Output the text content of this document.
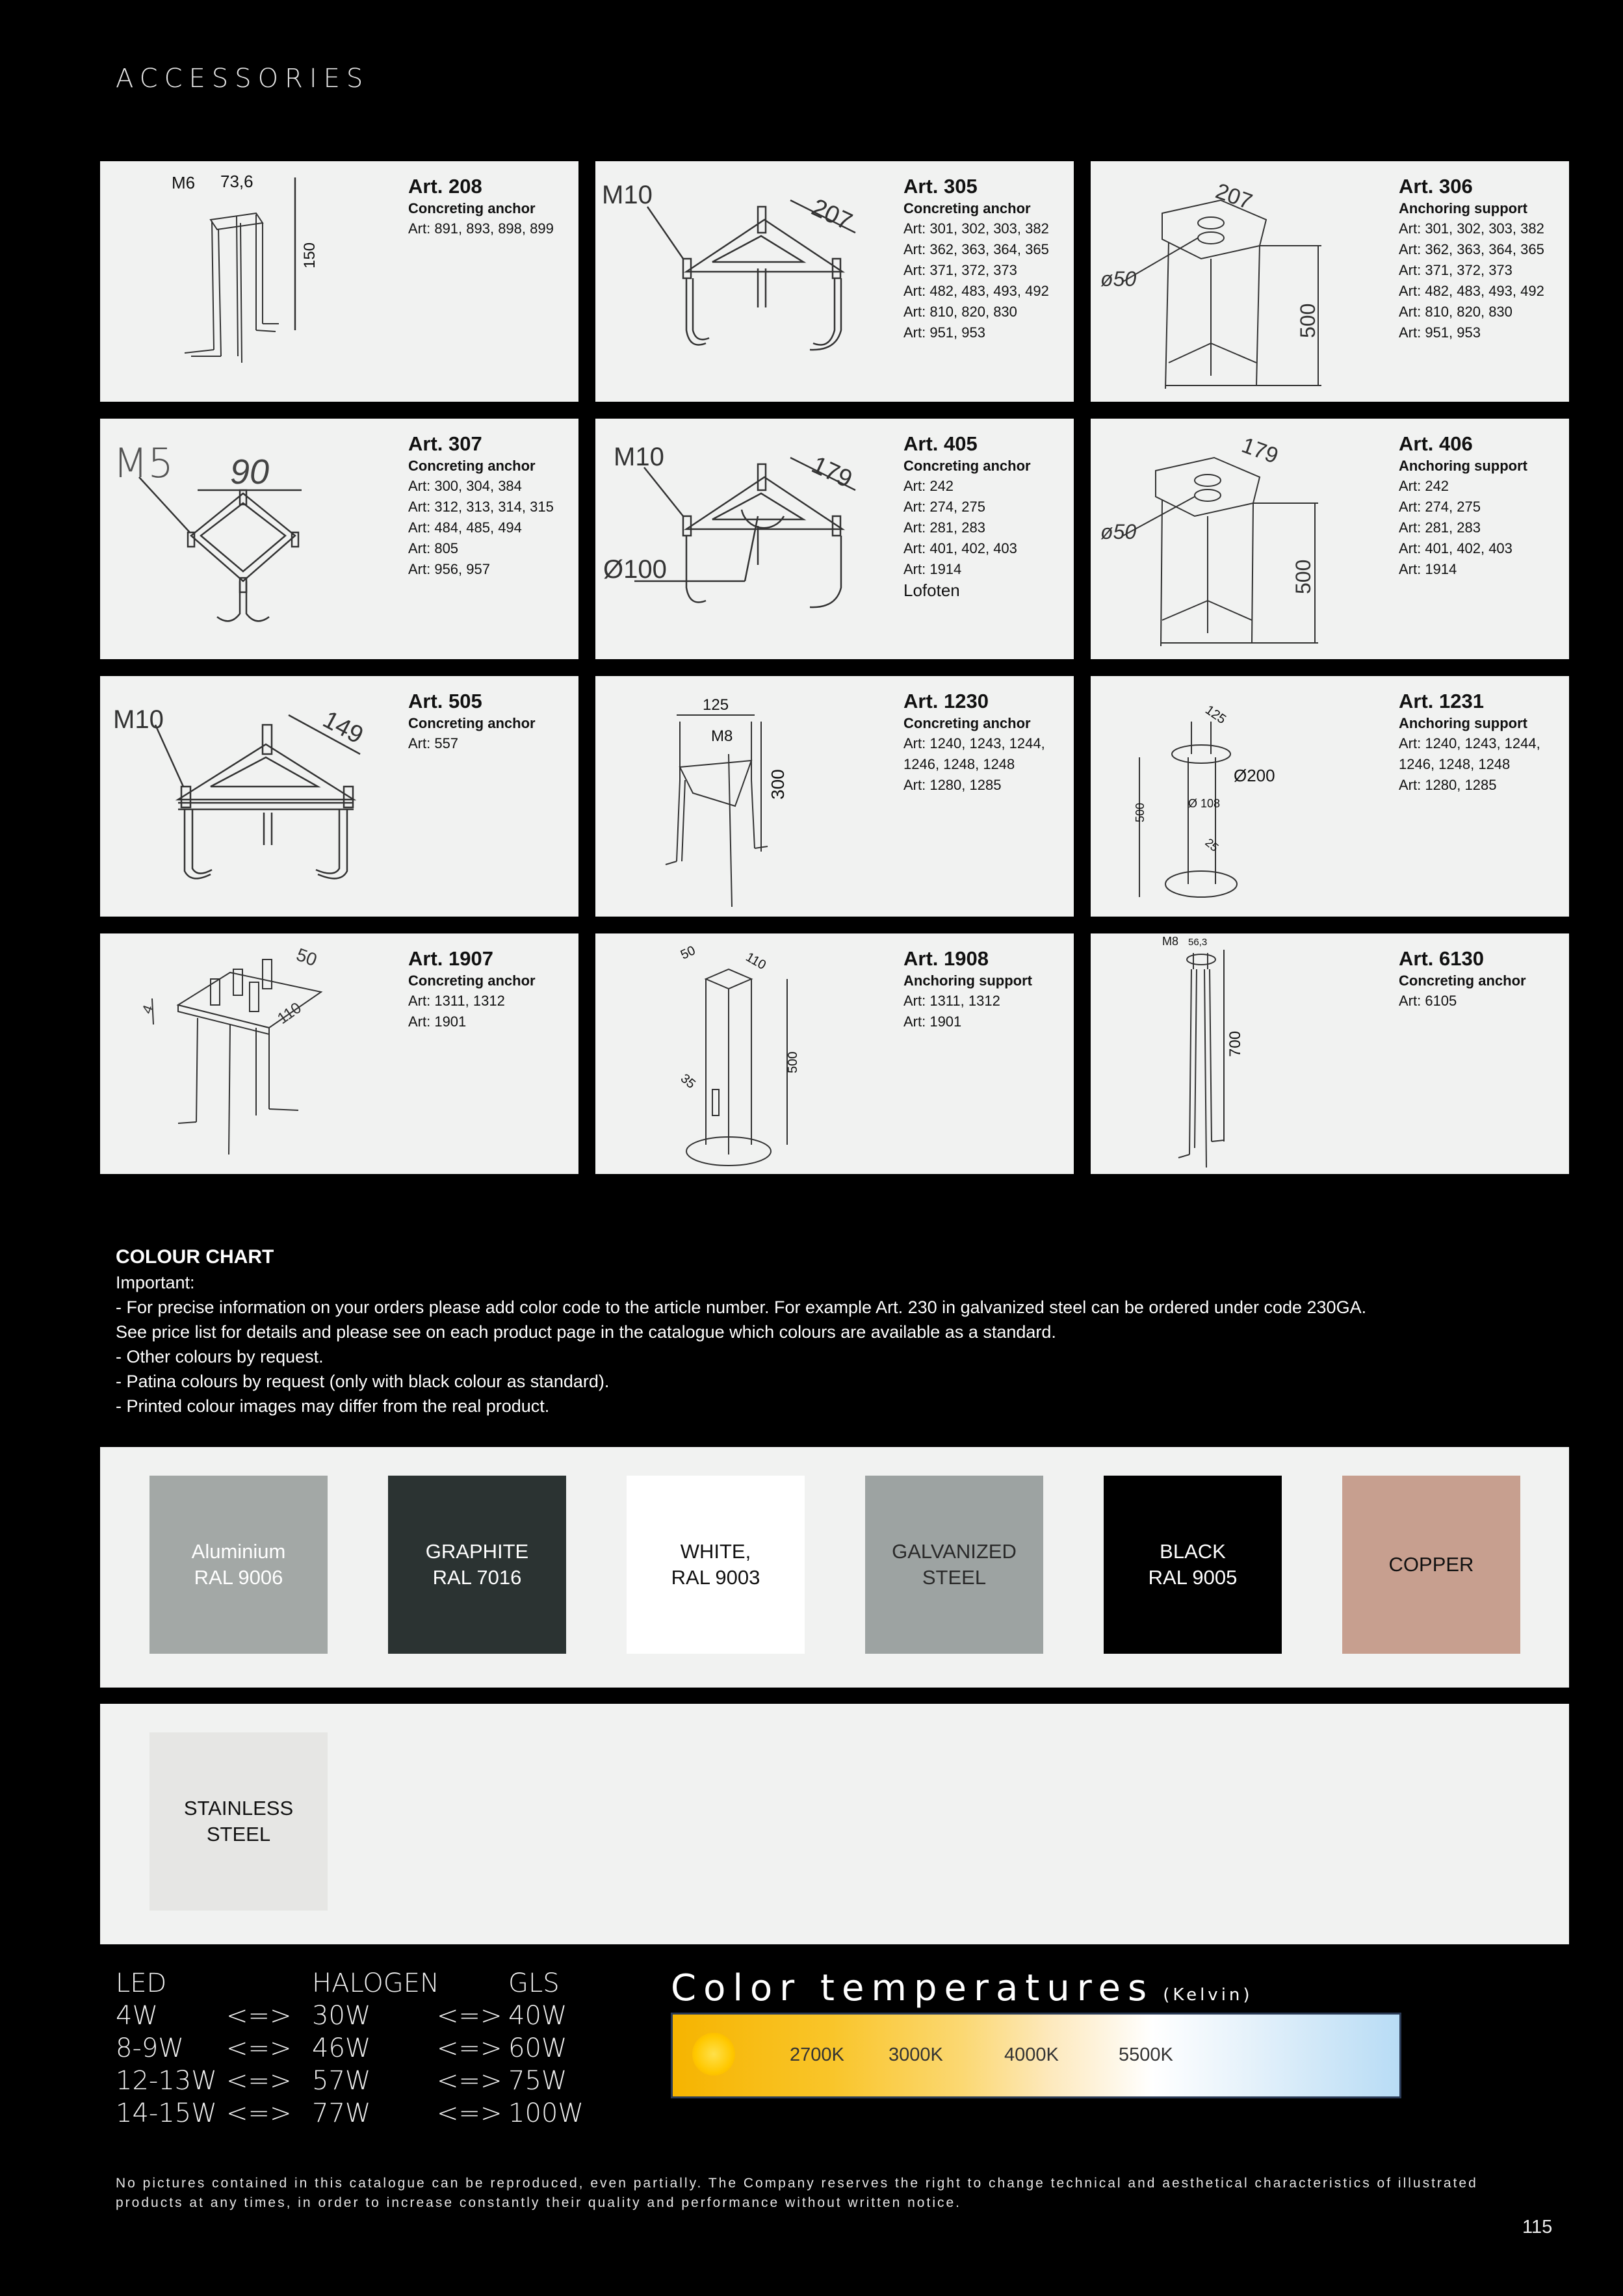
ACCESSORIES
M6 73,6
150
Art. 208
Concreting anchor
Art: 891, 893, 898, 899
M10	207
Art. 305
Concreting anchor
Art: 301, 302, 303, 382
Art: 362, 363, 364, 365
Art: 371, 372, 373
Art: 482, 483, 493, 492
Art: 810, 820, 830
Art: 951, 953
207
ø50
500
Art. 306
Anchoring support
Art: 301, 302, 303, 382
Art: 362, 363, 364, 365
Art: 371, 372, 373
Art: 482, 483, 493, 492
Art: 810, 820, 830
Art: 951, 953
M5 90
Art. 307
Concreting anchor
Art: 300, 304, 384
Art: 312, 313, 314, 315
Art: 484, 485, 494
Art: 805
Art: 956, 957
M10	179
Ø100
Art. 405
Concreting anchor
Art: 242
Art: 274, 275
Art: 281, 283
Art: 401, 402, 403
Art: 1914
Lofoten
179
ø50
500
Art. 406
Anchoring support
Art: 242
Art: 274, 275
Art: 281, 283
Art: 401, 402, 403
Art: 1914
M10	149
Art. 505
Concreting anchor
Art: 557
125
M8
300
Art. 1230
Concreting anchor
Art: 1240, 1243, 1244,
1246, 1248, 1248
Art: 1280, 1285
125
Ø200
Ø 108
500
25
Art. 1231
Anchoring support
Art: 1240, 1243, 1244,
1246, 1248, 1248
Art: 1280, 1285
50
110
4
Art. 1907
Concreting anchor
Art: 1311, 1312
Art: 1901
50	110
500
35
Art. 1908
Anchoring support
Art: 1311, 1312
Art: 1901
M8 56,3
700
Art. 6130
Concreting anchor
Art: 6105
COLOUR CHART
Important:
- For precise information on your orders please add color code to the article number. For example Art. 230 in galvanized steel can be ordered under code 230GA.
See price list for details and please see on each product page in the catalogue which colours are available as a standard.
- Other colours by request.
- Patina colours by request (only with black colour as standard).
- Printed colour images may differ from the real product.
Aluminium
RAL 9006
GRAPHITE
RAL 7016
WHITE,
RAL 9003
GALVANIZED
STEEL
BLACK
RAL 9005
COPPER
STAINLESS
STEEL
LED	HALOGEN	GLS
4W	<=> 30W	<=> 40W
8-9W <=> 46W	<=> 60W
12-13W <=> 57W	<=> 75W
14-15W <=> 77W	<=> 100W
Color temperatures (Kelvin)
2700K 3000K	4000K	5500K
No pictures contained in this catalogue can be reproduced, even partially. The Company reserves the right to change technical and aesthetical characteristics of illustrated products at any times, in order to increase constantly their quality and performance without written notice.
115
